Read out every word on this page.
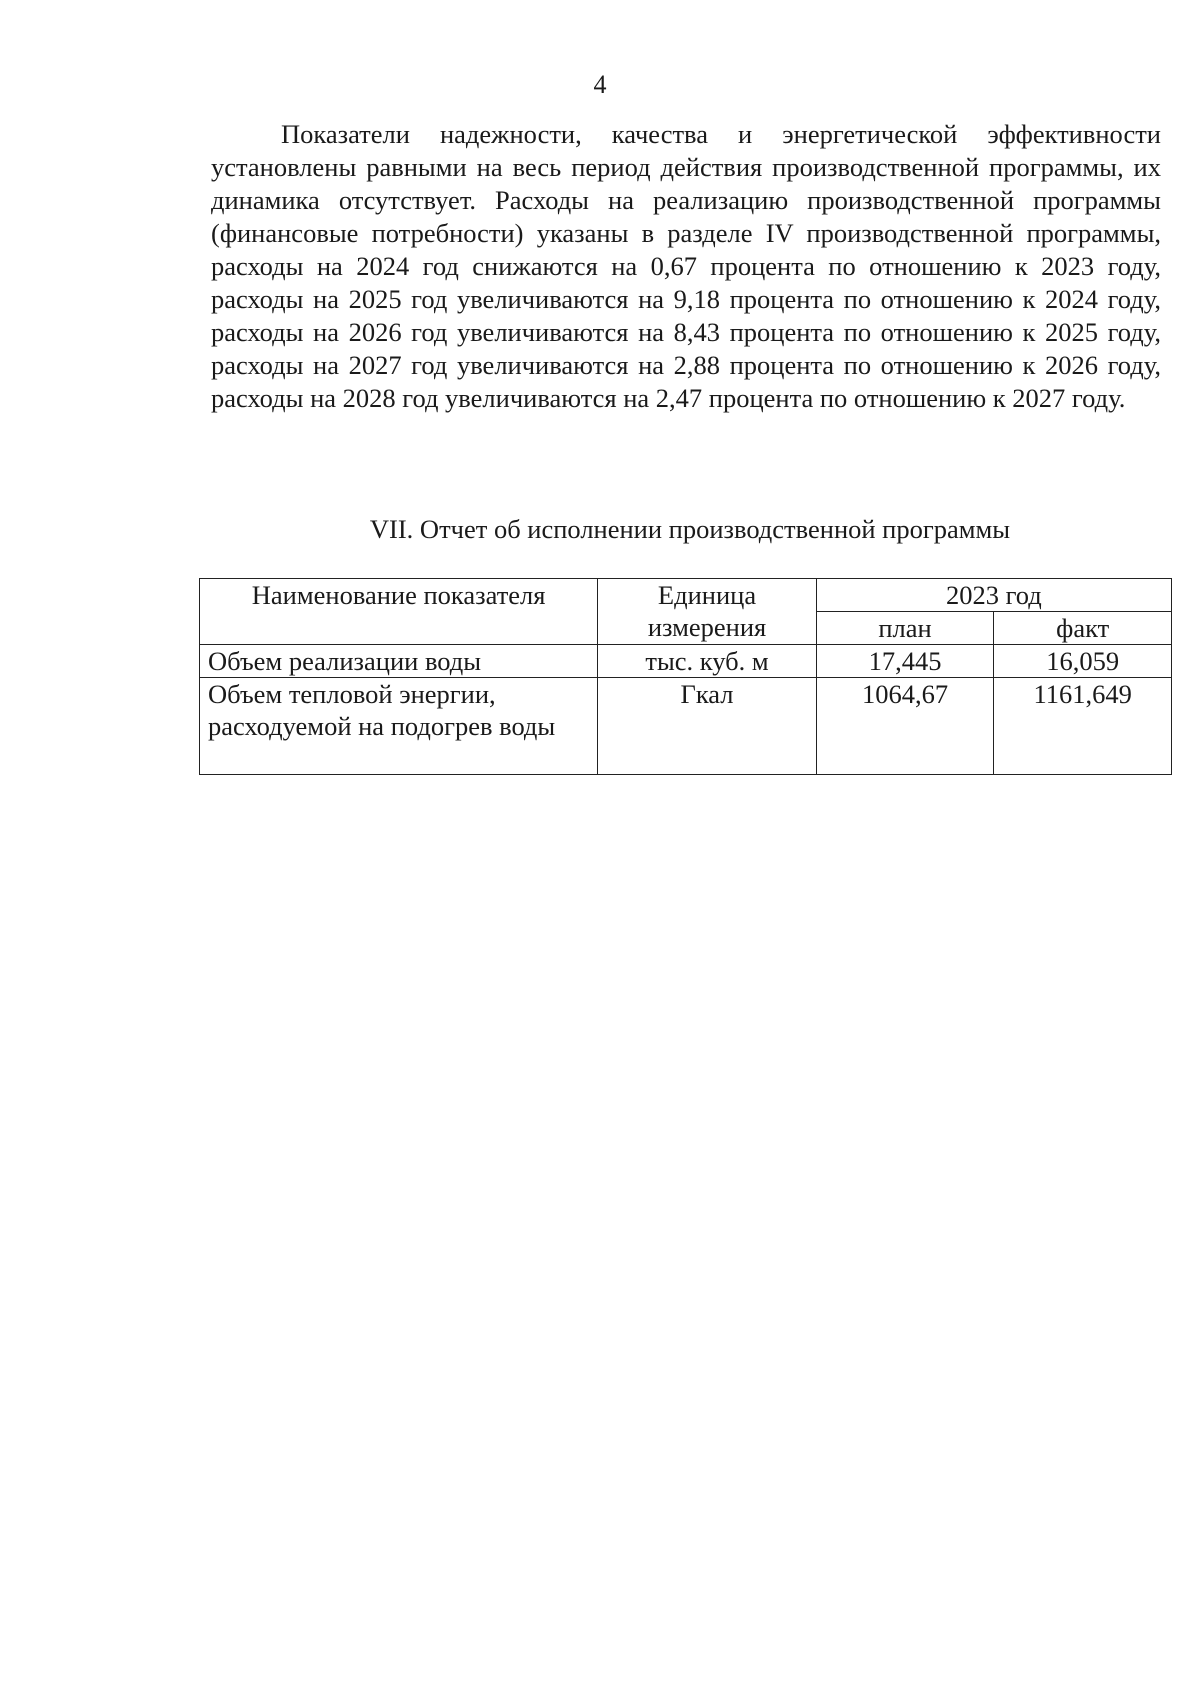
4

Показатели надежности, качества и энергетической эффективности установлены равными на весь период действия производственной программы, их динамика отсутствует. Расходы на реализацию производственной программы (финансовые потребности) указаны в разделе IV производственной программы, расходы на 2024 год снижаются на 0,67 процента по отношению к 2023 году, расходы на 2025 год увеличиваются на 9,18 процента по отношению к 2024 году, расходы на 2026 год увеличиваются на 8,43 процента по отношению к 2025 году, расходы на 2027 год увеличиваются на 2,88 процента по отношению к 2026 году, расходы на 2028 год увеличиваются на 2,47 процента по отношению к 2027 году.

VII. Отчет об исполнении производственной программы
Наименование показателя	Единица измерения	2023 год	
		план	факт
Объем реализации воды	тыс. куб. м	17,445	16,059
Объем тепловой энергии, расходуемой на подогрев воды	Гкал	1064,67	1161,649
